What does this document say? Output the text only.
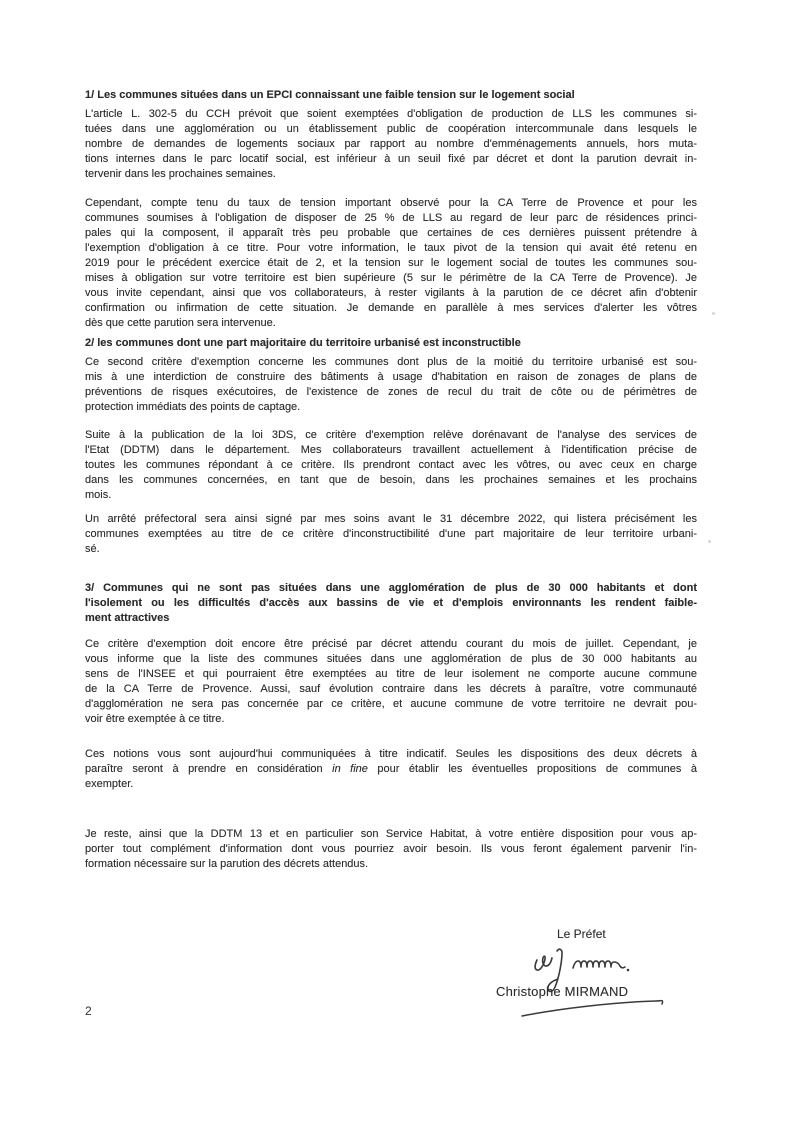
1/ Les communes situées dans un EPCI connaissant une faible tension sur le logement social
L'article L. 302-5 du CCH prévoit que soient exemptées d'obligation de production de LLS les communes si-
tuées dans une agglomération ou un établissement public de coopération intercommunale dans lesquels le
nombre de demandes de logements sociaux par rapport au nombre d'emménagements annuels, hors muta-
tions internes dans le parc locatif social, est inférieur à un seuil fixé par décret et dont la parution devrait in-
tervenir dans les prochaines semaines.
Cependant, compte tenu du taux de tension important observé pour la CA Terre de Provence et pour les
communes soumises à l'obligation de disposer de 25 % de LLS au regard de leur parc de résidences princi-
pales qui la composent, il apparaît très peu probable que certaines de ces dernières puissent prétendre à
l'exemption d'obligation à ce titre. Pour votre information, le taux pivot de la tension qui avait été retenu en
2019 pour le précédent exercice était de 2, et la tension sur le logement social de toutes les communes sou-
mises à obligation sur votre territoire est bien supérieure (5 sur le périmètre de la CA Terre de Provence). Je
vous invite cependant, ainsi que vos collaborateurs, à rester vigilants à la parution de ce décret afin d'obtenir
confirmation ou infirmation de cette situation. Je demande en parallèle à mes services d'alerter les vôtres
dès que cette parution sera intervenue.
2/ les communes dont une part majoritaire du territoire urbanisé est inconstructible
Ce second critère d'exemption concerne les communes dont plus de la moitié du territoire urbanisé est sou-
mis à une interdiction de construire des bâtiments à usage d'habitation en raison de zonages de plans de
préventions de risques exécutoires, de l'existence de zones de recul du trait de côte ou de périmètres de
protection immédiats des points de captage.
Suite à la publication de la loi 3DS, ce critère d'exemption relève dorénavant de l'analyse des services de
l'Etat (DDTM) dans le département. Mes collaborateurs travaillent actuellement à l'identification précise de
toutes les communes répondant à ce critère. Ils prendront contact avec les vôtres, ou avec ceux en charge
dans les communes concernées, en tant que de besoin, dans les prochaines semaines et les prochains
mois.
Un arrêté préfectoral sera ainsi signé par mes soins avant le 31 décembre 2022, qui listera précisément les
communes exemptées au titre de ce critère d'inconstructibilité d'une part majoritaire de leur territoire urbani-
sé.
3/ Communes qui ne sont pas situées dans une agglomération de plus de 30 000 habitants et dont
l'isolement ou les difficultés d'accès aux bassins de vie et d'emplois environnants les rendent faible-
ment attractives
Ce critère d'exemption doit encore être précisé par décret attendu courant du mois de juillet. Cependant, je
vous informe que la liste des communes situées dans une agglomération de plus de 30 000 habitants au
sens de l'INSEE et qui pourraient être exemptées au titre de leur isolement ne comporte aucune commune
de la CA Terre de Provence. Aussi, sauf évolution contraire dans les décrets à paraître, votre communauté
d'agglomération ne sera pas concernée par ce critère, et aucune commune de votre territoire ne devrait pou-
voir être exemptée à ce titre.
Ces notions vous sont aujourd'hui communiquées à titre indicatif. Seules les dispositions des deux décrets à
paraître seront à prendre en considération in fine pour établir les éventuelles propositions de communes à
exempter.
Je reste, ainsi que la DDTM 13 et en particulier son Service Habitat, à votre entière disposition pour vous ap-
porter tout complément d'information dont vous pourriez avoir besoin. Ils vous feront également parvenir l'in-
formation nécessaire sur la parution des décrets attendus.
Le Préfet
Christophe MIRMAND
2
